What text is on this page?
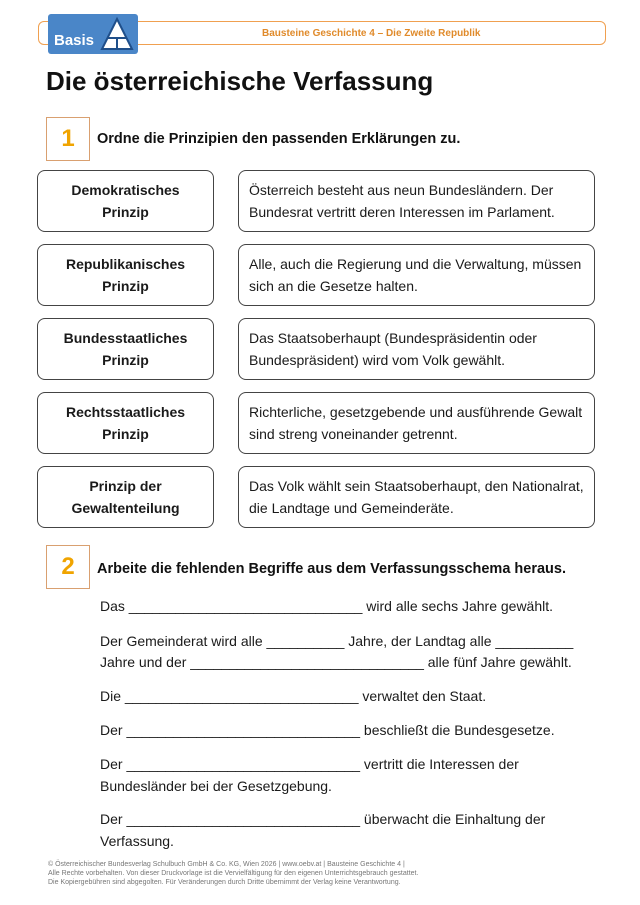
Bausteine Geschichte 4 – Die Zweite Republik
Basis
Die österreichische Verfassung
1	Ordne die Prinzipien den passenden Erklärungen zu.
Demokratisches
Prinzip
Republikanisches
Prinzip
Bundesstaatliches
Prinzip
Rechtsstaatliches
Prinzip
Prinzip der
Gewaltenteilung
Österreich besteht aus neun Bundesländern. Der
Bundesrat vertritt deren Interessen im Parlament.
Alle, auch die Regierung und die Verwaltung, müssen
sich an die Gesetze halten.
Das Staatsoberhaupt (Bundespräsidentin oder
Bundespräsident) wird vom Volk gewählt.
Richterliche, gesetzgebende und ausführende Gewalt
sind streng voneinander getrennt.
Das Volk wählt sein Staatsoberhaupt, den Nationalrat,
die Landtage und Gemeinderäte.
2	Arbeite die fehlenden Begriffe aus dem Verfassungsschema heraus.
Das ______________________________ wird alle sechs Jahre gewählt.
Der Gemeinderat wird alle __________ Jahre, der Landtag alle __________
Jahre und der ______________________________ alle fünf Jahre gewählt.
Die ______________________________ verwaltet den Staat.
Der ______________________________ beschließt die Bundesgesetze.
Der ______________________________ vertritt die Interessen der
Bundesländer bei der Gesetzgebung.
Der ______________________________ überwacht die Einhaltung der
Verfassung.
© Österreichischer Bundesverlag Schulbuch GmbH & Co. KG, Wien 2026 | www.oebv.at | Bausteine Geschichte 4 |
Alle Rechte vorbehalten. Von dieser Druckvorlage ist die Vervielfältigung für den eigenen Unterrichtsgebrauch gestattet.
Die Kopiergebühren sind abgegolten. Für Veränderungen durch Dritte übernimmt der Verlag keine Verantwortung.
